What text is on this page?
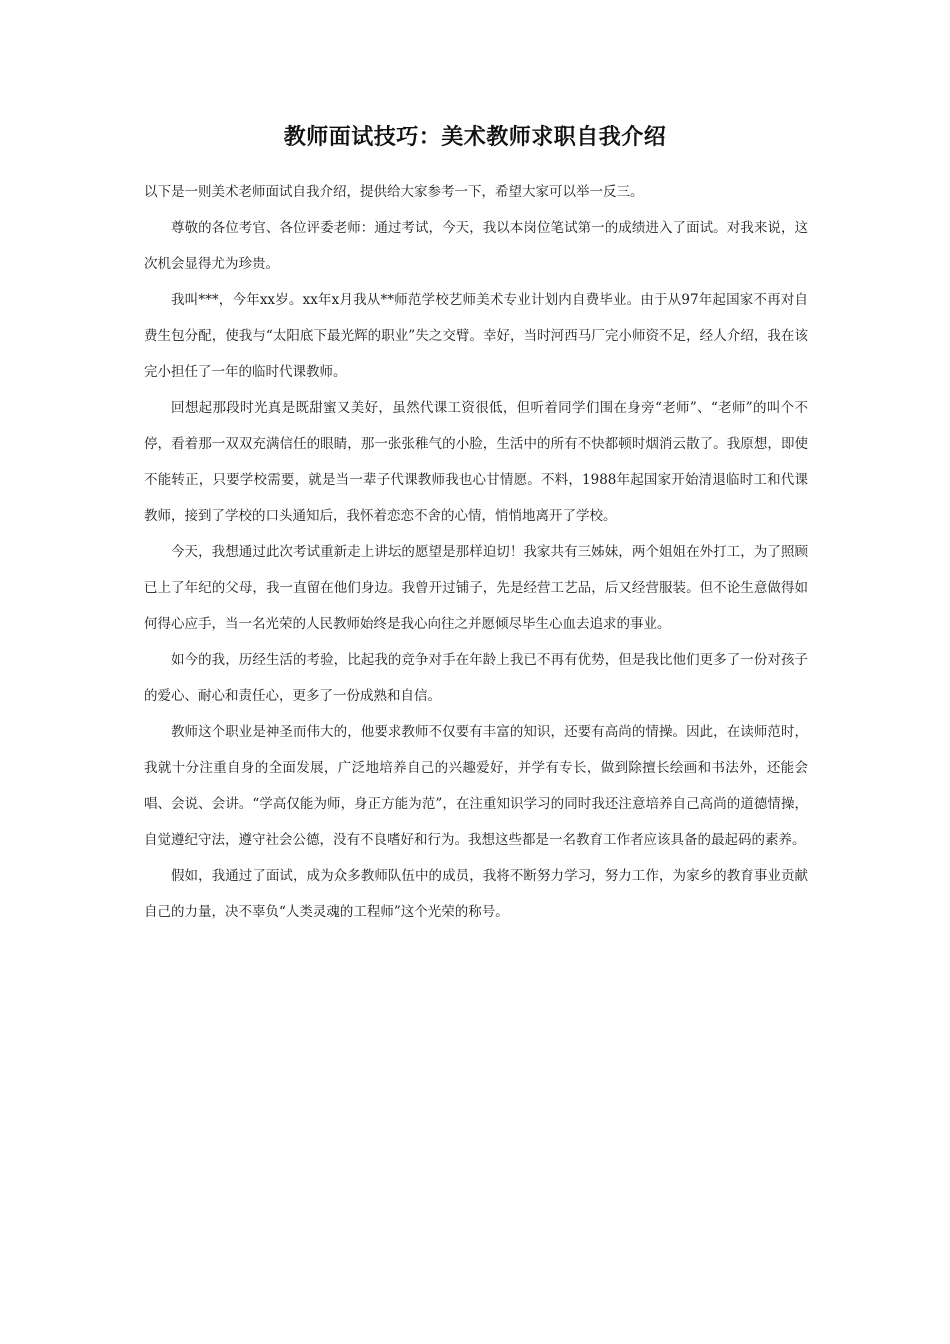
教师面试技巧：美术教师求职自我介绍

以下是一则美术老师面试自我介绍，提供给大家参考一下，希望大家可以举一反三。

尊敬的各位考官、各位评委老师：通过考试，今天，我以本岗位笔试第一的成绩进入了面试。对我来说，这次机会显得尤为珍贵。

我叫***，今年xx岁。xx年x月我从**师范学校艺师美术专业计划内自费毕业。由于从97年起国家不再对自费生包分配，使我与“太阳底下最光辉的职业”失之交臂。幸好，当时河西马厂完小师资不足，经人介绍，我在该完小担任了一年的临时代课教师。

回想起那段时光真是既甜蜜又美好，虽然代课工资很低，但听着同学们围在身旁“老师”、“老师”的叫个不停，看着那一双双充满信任的眼睛，那一张张稚气的小脸，生活中的所有不快都顿时烟消云散了。我原想，即使不能转正，只要学校需要，就是当一辈子代课教师我也心甘情愿。不料，1988年起国家开始清退临时工和代课教师，接到了学校的口头通知后，我怀着恋恋不舍的心情，悄悄地离开了学校。

今天，我想通过此次考试重新走上讲坛的愿望是那样迫切！我家共有三姊妹，两个姐姐在外打工，为了照顾已上了年纪的父母，我一直留在他们身边。我曾开过铺子，先是经营工艺品，后又经营服装。但不论生意做得如何得心应手，当一名光荣的人民教师始终是我心向往之并愿倾尽毕生心血去追求的事业。

如今的我，历经生活的考验，比起我的竞争对手在年龄上我已不再有优势，但是我比他们更多了一份对孩子的爱心、耐心和责任心，更多了一份成熟和自信。

教师这个职业是神圣而伟大的，他要求教师不仅要有丰富的知识，还要有高尚的情操。因此，在读师范时，我就十分注重自身的全面发展，广泛地培养自己的兴趣爱好，并学有专长，做到除擅长绘画和书法外，还能会唱、会说、会讲。“学高仅能为师，身正方能为范”，在注重知识学习的同时我还注意培养自己高尚的道德情操，自觉遵纪守法，遵守社会公德，没有不良嗜好和行为。我想这些都是一名教育工作者应该具备的最起码的素养。

假如，我通过了面试，成为众多教师队伍中的成员，我将不断努力学习，努力工作，为家乡的教育事业贡献自己的力量，决不辜负“人类灵魂的工程师”这个光荣的称号。
